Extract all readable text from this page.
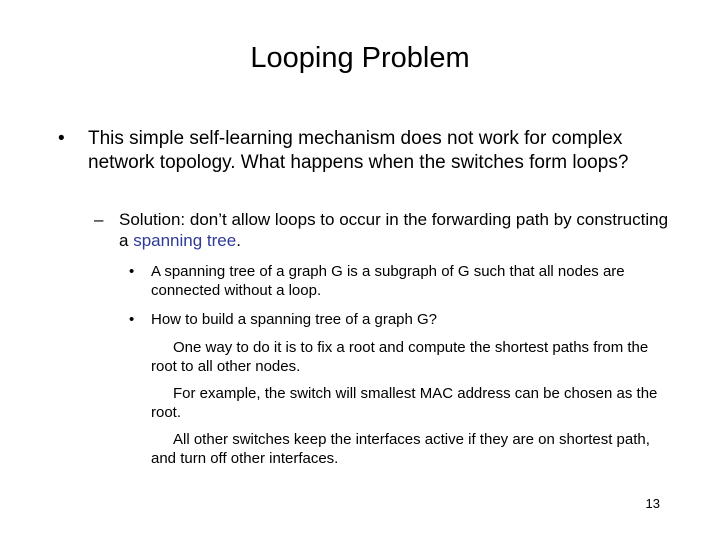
Looping Problem
•	This simple self-learning mechanism does not work for complex network topology. What happens when the switches form loops?
– Solution: don’t allow loops to occur in the forwarding path by constructing a spanning tree.
•	A spanning tree of a graph G is a subgraph of G such that all nodes are connected without a loop.
•	How to build a spanning tree of a graph G?
One way to do it is to fix a root and compute the shortest paths from the root to all other nodes.
For example, the switch will smallest MAC address can be chosen as the root.
All other switches keep the interfaces active if they are on shortest path, and turn off other interfaces.
13
